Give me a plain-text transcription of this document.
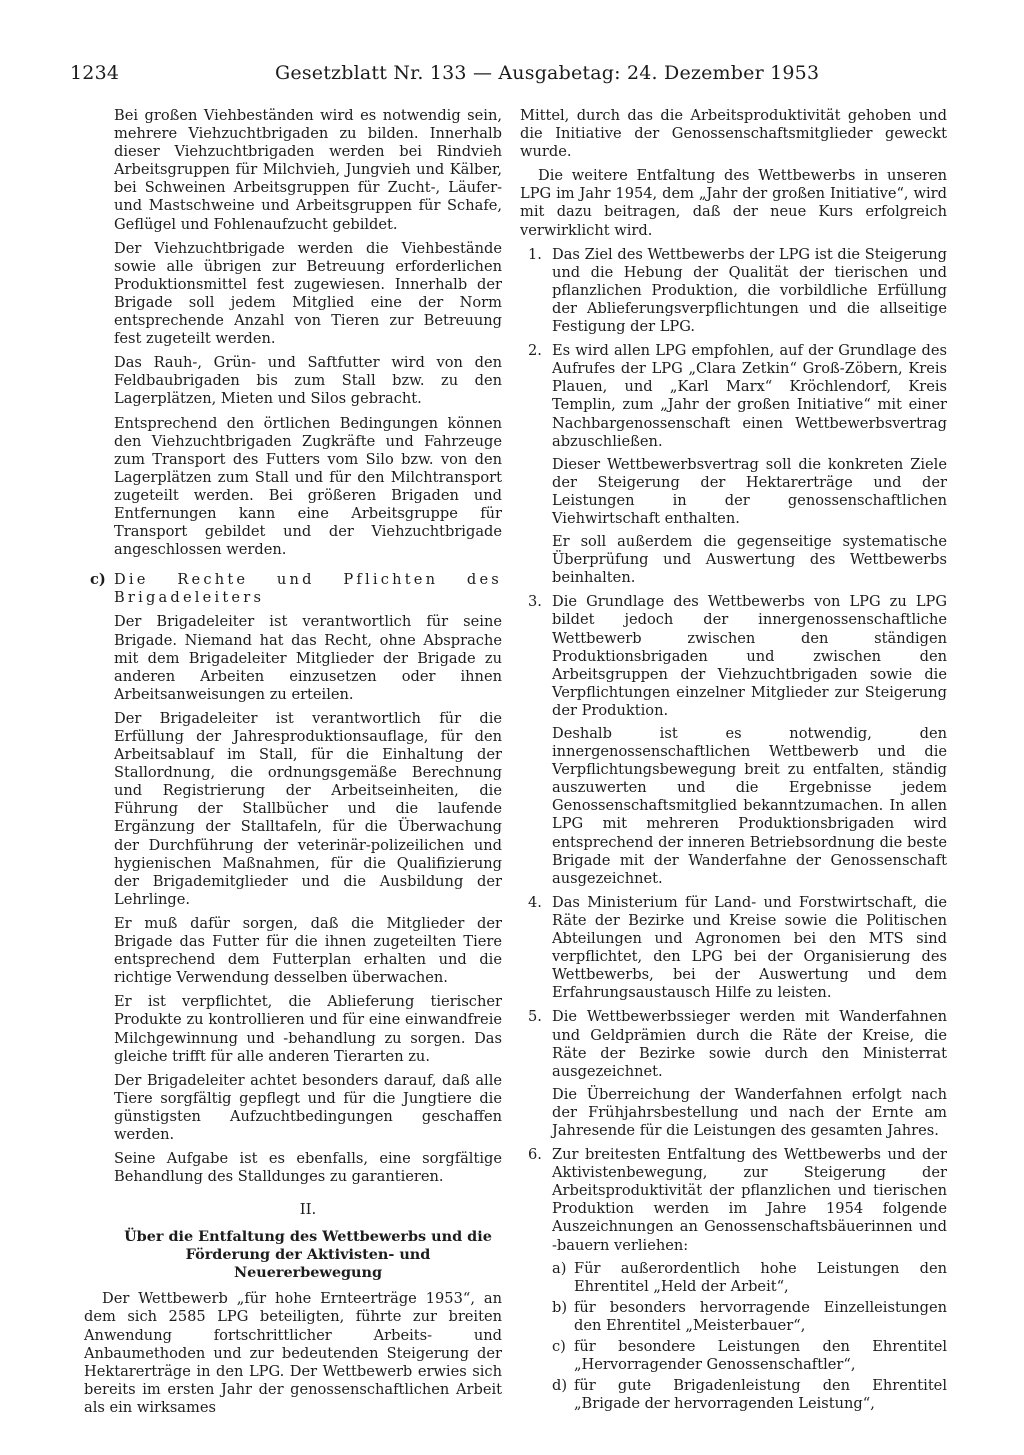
1234	Gesetzblatt Nr. 133 — Ausgabetag: 24. Dezember 1953

Bei großen Viehbeständen wird es notwendig sein, mehrere Viehzuchtbrigaden zu bilden. Innerhalb dieser Viehzuchtbrigaden werden bei Rindvieh Arbeitsgruppen für Milchvieh, Jungvieh und Kälber, bei Schweinen Arbeitsgruppen für Zucht-, Läufer- und Mastschweine und Arbeitsgruppen für Schafe, Geflügel und Fohlenaufzucht gebildet.

Der Viehzuchtbrigade werden die Viehbestände sowie alle übrigen zur Betreuung erforderlichen Produktionsmittel fest zugewiesen. Innerhalb der Brigade soll jedem Mitglied eine der Norm entsprechende Anzahl von Tieren zur Betreuung fest zugeteilt werden.

Das Rauh-, Grün- und Saftfutter wird von den Feldbaubrigaden bis zum Stall bzw. zu den Lagerplätzen, Mieten und Silos gebracht.

Entsprechend den örtlichen Bedingungen können den Viehzuchtbrigaden Zugkräfte und Fahrzeuge zum Transport des Futters vom Silo bzw. von den Lagerplätzen zum Stall und für den Milchtransport zugeteilt werden. Bei größeren Brigaden und Entfernungen kann eine Arbeitsgruppe für Transport gebildet und der Viehzuchtbrigade angeschlossen werden.

c) Die Rechte und Pflichten des Brigadeleiters

Der Brigadeleiter ist verantwortlich für seine Brigade. Niemand hat das Recht, ohne Absprache mit dem Brigadeleiter Mitglieder der Brigade zu anderen Arbeiten einzusetzen oder ihnen Arbeitsanweisungen zu erteilen.

Der Brigadeleiter ist verantwortlich für die Erfüllung der Jahresproduktionsauflage, für den Arbeitsablauf im Stall, für die Einhaltung der Stallordnung, die ordnungsgemäße Berechnung und Registrierung der Arbeitseinheiten, die Führung der Stallbücher und die laufende Ergänzung der Stalltafeln, für die Überwachung der Durchführung der veterinär-polizeilichen und hygienischen Maßnahmen, für die Qualifizierung der Brigademitglieder und die Ausbildung der Lehrlinge.

Er muß dafür sorgen, daß die Mitglieder der Brigade das Futter für die ihnen zugeteilten Tiere entsprechend dem Futterplan erhalten und die richtige Verwendung desselben überwachen.

Er ist verpflichtet, die Ablieferung tierischer Produkte zu kontrollieren und für eine einwandfreie Milchgewinnung und -behandlung zu sorgen. Das gleiche trifft für alle anderen Tierarten zu.

Der Brigadeleiter achtet besonders darauf, daß alle Tiere sorgfältig gepflegt und für die Jungtiere die günstigsten Aufzuchtbedingungen geschaffen werden.

Seine Aufgabe ist es ebenfalls, eine sorgfältige Behandlung des Stalldunges zu garantieren.

II.
Über die Entfaltung des Wettbewerbs und die Förderung der Aktivisten- und Neuererbewegung

Der Wettbewerb „für hohe Ernteerträge 1953“, an dem sich 2585 LPG beteiligten, führte zur breiten Anwendung fortschrittlicher Arbeits- und Anbaumethoden und zur bedeutenden Steigerung der Hektarerträge in den LPG. Der Wettbewerb erwies sich bereits im ersten Jahr der genossenschaftlichen Arbeit als ein wirksames

Mittel, durch das die Arbeitsproduktivität gehoben und die Initiative der Genossenschaftsmitglieder geweckt wurde.

Die weitere Entfaltung des Wettbewerbs in unseren LPG im Jahr 1954, dem „Jahr der großen Initiative“, wird mit dazu beitragen, daß der neue Kurs erfolgreich verwirklicht wird.

1. Das Ziel des Wettbewerbs der LPG ist die Steigerung und die Hebung der Qualität der tierischen und pflanzlichen Produktion, die vorbildliche Erfüllung der Ablieferungsverpflichtungen und die allseitige Festigung der LPG.

2. Es wird allen LPG empfohlen, auf der Grundlage des Aufrufes der LPG „Clara Zetkin“ Groß-Zöbern, Kreis Plauen, und „Karl Marx“ Kröchlendorf, Kreis Templin, zum „Jahr der großen Initiative“ mit einer Nachbargenossenschaft einen Wettbewerbsvertrag abzuschließen.

Dieser Wettbewerbsvertrag soll die konkreten Ziele der Steigerung der Hektarerträge und der Leistungen in der genossenschaftlichen Viehwirtschaft enthalten.

Er soll außerdem die gegenseitige systematische Überprüfung und Auswertung des Wettbewerbs beinhalten.

3. Die Grundlage des Wettbewerbs von LPG zu LPG bildet jedoch der innergenossenschaftliche Wettbewerb zwischen den ständigen Produktionsbrigaden und zwischen den Arbeitsgruppen der Viehzuchtbrigaden sowie die Verpflichtungen einzelner Mitglieder zur Steigerung der Produktion.

Deshalb ist es notwendig, den innergenossenschaftlichen Wettbewerb und die Verpflichtungsbewegung breit zu entfalten, ständig auszuwerten und die Ergebnisse jedem Genossenschaftsmitglied bekanntzumachen. In allen LPG mit mehreren Produktionsbrigaden wird entsprechend der inneren Betriebsordnung die beste Brigade mit der Wanderfahne der Genossenschaft ausgezeichnet.

4. Das Ministerium für Land- und Forstwirtschaft, die Räte der Bezirke und Kreise sowie die Politischen Abteilungen und Agronomen bei den MTS sind verpflichtet, den LPG bei der Organisierung des Wettbewerbs, bei der Auswertung und dem Erfahrungsaustausch Hilfe zu leisten.

5. Die Wettbewerbssieger werden mit Wanderfahnen und Geldprämien durch die Räte der Kreise, die Räte der Bezirke sowie durch den Ministerrat ausgezeichnet.

Die Überreichung der Wanderfahnen erfolgt nach der Frühjahrsbestellung und nach der Ernte am Jahresende für die Leistungen des gesamten Jahres.

6. Zur breitesten Entfaltung des Wettbewerbs und der Aktivistenbewegung, zur Steigerung der Arbeitsproduktivität der pflanzlichen und tierischen Produktion werden im Jahre 1954 folgende Auszeichnungen an Genossenschaftsbäuerinnen und -bauern verliehen:

a) Für außerordentlich hohe Leistungen den Ehrentitel „Held der Arbeit“,
b) für besonders hervorragende Einzelleistungen den Ehrentitel „Meisterbauer“,
c) für besondere Leistungen den Ehrentitel „Hervorragender Genossenschaftler“,
d) für gute Brigadenleistung den Ehrentitel „Brigade der hervorragenden Leistung“,
